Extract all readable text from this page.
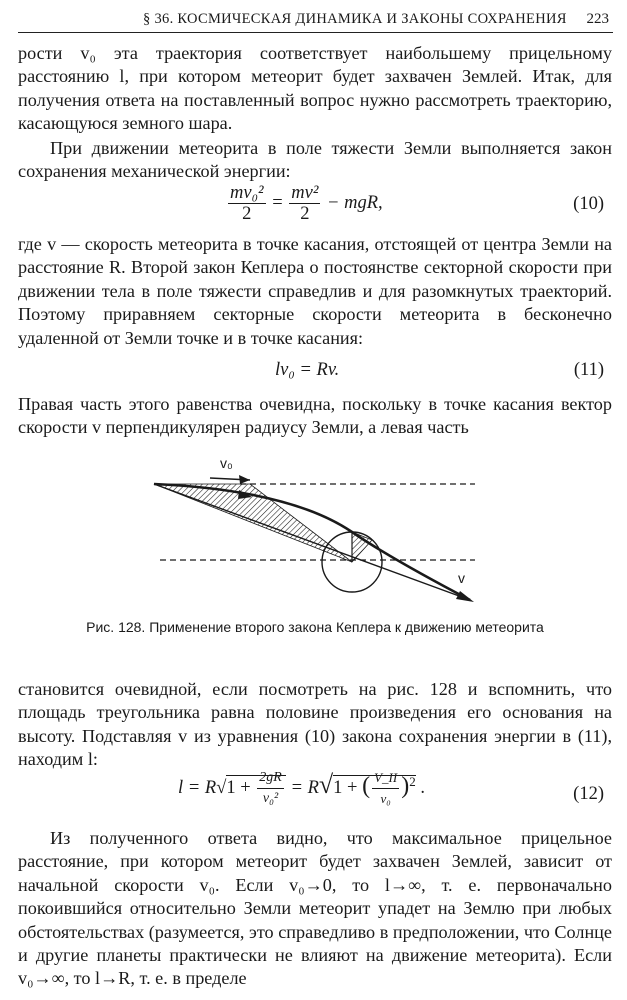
§ 36. КОСМИЧЕСКАЯ ДИНАМИКА И ЗАКОНЫ СОХРАНЕНИЯ 223

рости v₀ эта траектория соответствует наибольшему прицельному расстоянию l, при котором метеорит будет захвачен Землей. Итак, для получения ответа на поставленный вопрос нужно рассмотреть траекторию, касающуюся земного шара.

При движении метеорита в поле тяжести Земли выполняется закон сохранения механической энергии:

$\frac{\text{mv₀²}}{2} = \frac{\text{mv²}}{2}$ − mgR,	(10)

где v — скорость метеорита в точке касания, отстоящей от центра Земли на расстояние R. Второй закон Кеплера о постоянстве секторной скорости при движении тела в поле тяжести справедлив и для разомкнутых траекторий. Поэтому приравняем секторные скорости метеорита в бесконечно удаленной от Земли точке и в точке касания:

lv₀ = Rv.	(11)

Правая часть этого равенства очевидна, поскольку в точке касания вектор скорости v перпендикулярен радиусу Земли, а левая часть

v₀
v
Рис. 128. Применение второго закона Кеплера к движению метеорита

становится очевидной, если посмотреть на рис. 128 и вспомнить, что площадь треугольника равна половине произведения его основания на высоту. Подставляя v из уравнения (10) закона сохранения энергии в (11), находим l:

$l = R√1 + \frac{2gR}{\text{v₀²}} = R√1$ + ( $\frac{V\_II}{\text{v₀}} )^2$ .	(12)

Из полученного ответа видно, что максимальное прицельное расстояние, при котором метеорит будет захвачен Землей, зависит от начальной скорости v₀. Если v₀→0, то l→∞, т. е. первоначально покоившийся относительно Земли метеорит упадет на Землю при любых обстоятельствах (разумеется, это справедливо в предположении, что Солнце и другие планеты практически не влияют на движение метеорита). Если v₀→∞, то l→R, т. е. в пределе
